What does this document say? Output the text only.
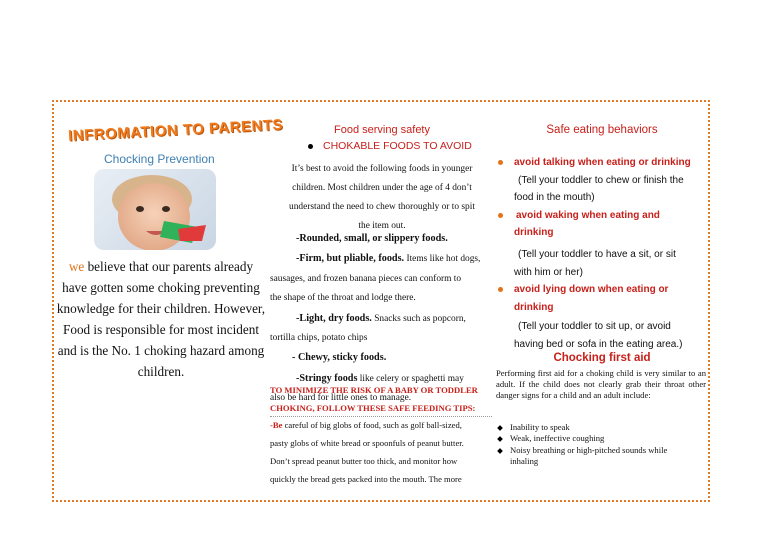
INFROMATION TO PARENTS
Chocking Prevention
we believe that our parents already
have gotten some choking preventing
knowledge for their children. However,
Food is responsible for most incident
and is the No. 1 choking hazard among
children.
Food serving safety
CHOKABLE FOODS TO AVOID
It’s best to avoid the following foods in younger
children. Most children under the age of 4 don’t
understand the need to chew thoroughly or to spit
the item out.
-Rounded, small, or slippery foods.
-Firm, but pliable, foods. Items like hot dogs,
sausages, and frozen banana pieces can conform to
the shape of the throat and lodge there.
-Light, dry foods. Snacks such as popcorn,
tortilla chips, potato chips
- Chewy, sticky foods.
-Stringy foods like celery or spaghetti may
also be hard for little ones to manage.
TO MINIMIZE THE RISK OF A BABY OR TODDLER
CHOKING, FOLLOW THESE SAFE FEEDING TIPS:
-Be careful of big globs of food, such as golf ball-sized,
pasty globs of white bread or spoonfuls of peanut butter.
Don’t spread peanut butter too thick, and monitor how
quickly the bread gets packed into the mouth. The more
Safe eating behaviors
avoid talking when eating or drinking
(Tell your toddler to chew or finish the
food in the mouth)
avoid waking when eating and
drinking
(Tell your toddler to have a sit, or sit
with him or her)
avoid lying down when eating or
drinking
(Tell your toddler to sit up, or avoid
having bed or sofa in the eating area.)
Chocking first aid
Performing first aid for a choking child is very similar to an adult. If the child does not clearly grab their throat other danger signs for a child and an adult include:
Inability to speak
Weak, ineffective coughing
Noisy breathing or high-pitched sounds while
inhaling
